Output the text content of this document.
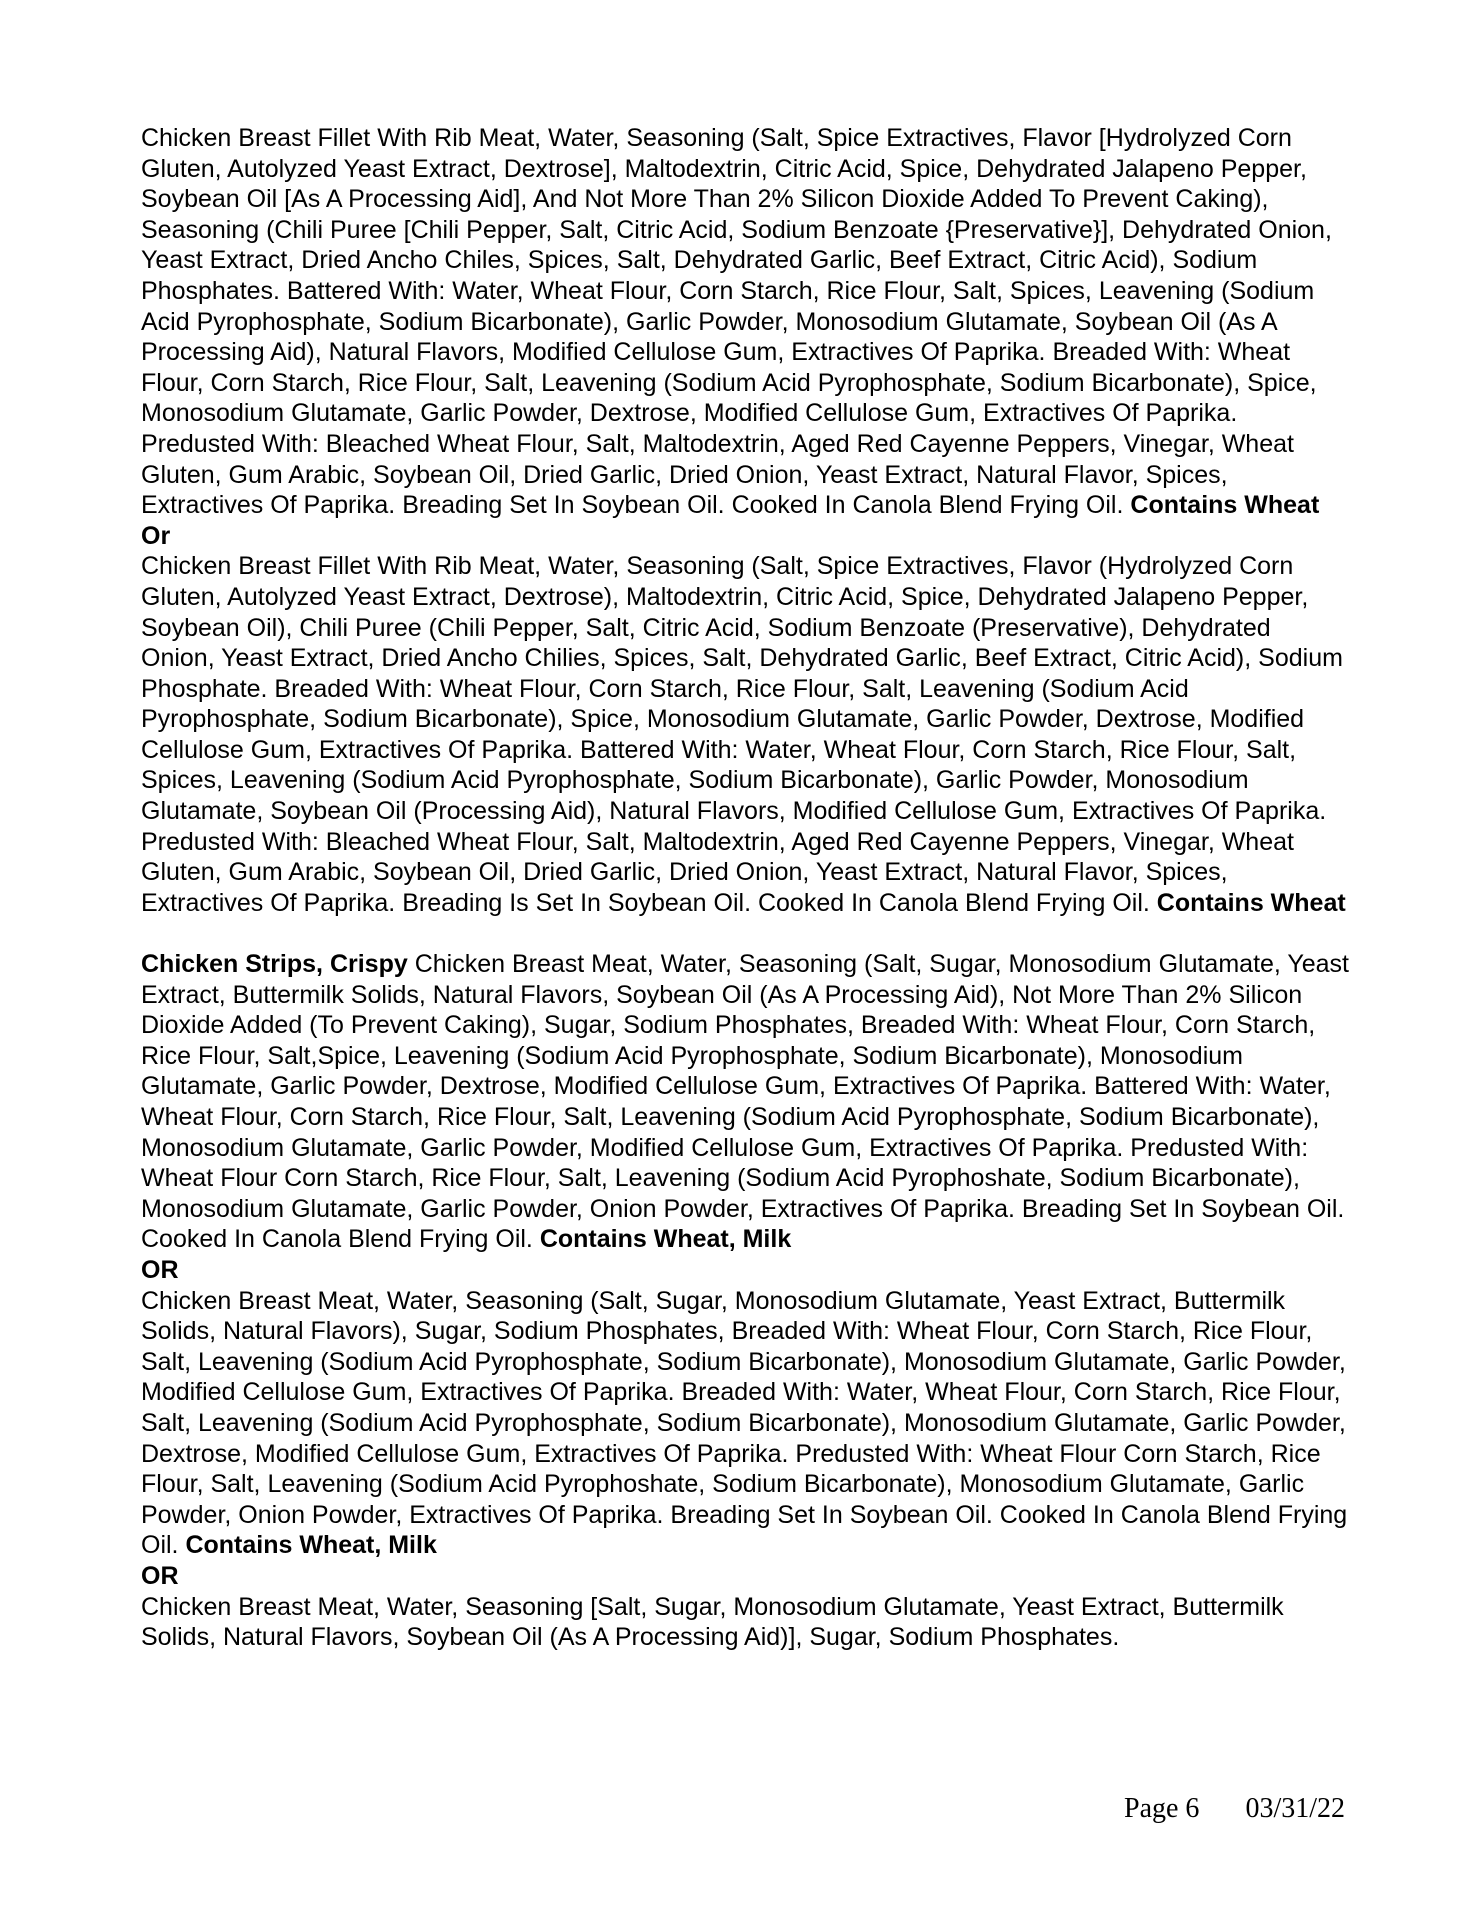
Chicken Breast Fillet With Rib Meat, Water, Seasoning (Salt, Spice Extractives, Flavor [Hydrolyzed Corn Gluten, Autolyzed Yeast Extract, Dextrose], Maltodextrin, Citric Acid, Spice, Dehydrated Jalapeno Pepper, Soybean Oil [As A Processing Aid], And Not More Than 2% Silicon Dioxide Added To Prevent Caking), Seasoning (Chili Puree [Chili Pepper, Salt, Citric Acid, Sodium Benzoate {Preservative}], Dehydrated Onion, Yeast Extract, Dried Ancho Chiles, Spices, Salt, Dehydrated Garlic, Beef Extract, Citric Acid), Sodium Phosphates. Battered With: Water, Wheat Flour, Corn Starch, Rice Flour, Salt, Spices, Leavening (Sodium Acid Pyrophosphate, Sodium Bicarbonate), Garlic Powder, Monosodium Glutamate, Soybean Oil (As A Processing Aid), Natural Flavors, Modified Cellulose Gum, Extractives Of Paprika. Breaded With: Wheat Flour, Corn Starch, Rice Flour, Salt, Leavening (Sodium Acid Pyrophosphate, Sodium Bicarbonate), Spice, Monosodium Glutamate, Garlic Powder, Dextrose, Modified Cellulose Gum, Extractives Of Paprika. Predusted With: Bleached Wheat Flour, Salt, Maltodextrin, Aged Red Cayenne Peppers, Vinegar, Wheat Gluten, Gum Arabic, Soybean Oil, Dried Garlic, Dried Onion, Yeast Extract, Natural Flavor, Spices, Extractives Of Paprika. Breading Set In Soybean Oil. Cooked In Canola Blend Frying Oil. Contains Wheat

Or

Chicken Breast Fillet With Rib Meat, Water, Seasoning (Salt, Spice Extractives, Flavor (Hydrolyzed Corn Gluten, Autolyzed Yeast Extract, Dextrose), Maltodextrin, Citric Acid, Spice, Dehydrated Jalapeno Pepper, Soybean Oil), Chili Puree (Chili Pepper, Salt, Citric Acid, Sodium Benzoate (Preservative), Dehydrated Onion, Yeast Extract, Dried Ancho Chilies, Spices, Salt, Dehydrated Garlic, Beef Extract, Citric Acid), Sodium Phosphate. Breaded With: Wheat Flour, Corn Starch, Rice Flour, Salt, Leavening (Sodium Acid Pyrophosphate, Sodium Bicarbonate), Spice, Monosodium Glutamate, Garlic Powder, Dextrose, Modified Cellulose Gum, Extractives Of Paprika. Battered With: Water, Wheat Flour, Corn Starch, Rice Flour, Salt, Spices, Leavening (Sodium Acid Pyrophosphate, Sodium Bicarbonate), Garlic Powder, Monosodium Glutamate, Soybean Oil (Processing Aid), Natural Flavors, Modified Cellulose Gum, Extractives Of Paprika. Predusted With: Bleached Wheat Flour, Salt, Maltodextrin, Aged Red Cayenne Peppers, Vinegar, Wheat Gluten, Gum Arabic, Soybean Oil, Dried Garlic, Dried Onion, Yeast Extract, Natural Flavor, Spices, Extractives Of Paprika. Breading Is Set In Soybean Oil. Cooked In Canola Blend Frying Oil. Contains Wheat

Chicken Strips, Crispy Chicken Breast Meat, Water, Seasoning (Salt, Sugar, Monosodium Glutamate, Yeast Extract, Buttermilk Solids, Natural Flavors, Soybean Oil (As A Processing Aid), Not More Than 2% Silicon Dioxide Added (To Prevent Caking), Sugar, Sodium Phosphates, Breaded With: Wheat Flour, Corn Starch, Rice Flour, Salt,Spice, Leavening (Sodium Acid Pyrophosphate, Sodium Bicarbonate), Monosodium Glutamate, Garlic Powder, Dextrose, Modified Cellulose Gum, Extractives Of Paprika. Battered With: Water, Wheat Flour, Corn Starch, Rice Flour, Salt, Leavening (Sodium Acid Pyrophosphate, Sodium Bicarbonate), Monosodium Glutamate, Garlic Powder, Modified Cellulose Gum, Extractives Of Paprika. Predusted With: Wheat Flour Corn Starch, Rice Flour, Salt, Leavening (Sodium Acid Pyrophoshate, Sodium Bicarbonate), Monosodium Glutamate, Garlic Powder, Onion Powder, Extractives Of Paprika. Breading Set In Soybean Oil. Cooked In Canola Blend Frying Oil. Contains Wheat, Milk

OR

Chicken Breast Meat, Water, Seasoning (Salt, Sugar, Monosodium Glutamate, Yeast Extract, Buttermilk Solids, Natural Flavors), Sugar, Sodium Phosphates, Breaded With: Wheat Flour, Corn Starch, Rice Flour, Salt, Leavening (Sodium Acid Pyrophosphate, Sodium Bicarbonate), Monosodium Glutamate, Garlic Powder, Modified Cellulose Gum, Extractives Of Paprika. Breaded With: Water, Wheat Flour, Corn Starch, Rice Flour, Salt, Leavening (Sodium Acid Pyrophosphate, Sodium Bicarbonate), Monosodium Glutamate, Garlic Powder, Dextrose, Modified Cellulose Gum, Extractives Of Paprika. Predusted With: Wheat Flour Corn Starch, Rice Flour, Salt, Leavening (Sodium Acid Pyrophoshate, Sodium Bicarbonate), Monosodium Glutamate, Garlic Powder, Onion Powder, Extractives Of Paprika. Breading Set In Soybean Oil. Cooked In Canola Blend Frying Oil. Contains Wheat, Milk

OR

Chicken Breast Meat, Water, Seasoning [Salt, Sugar, Monosodium Glutamate, Yeast Extract, Buttermilk Solids, Natural Flavors, Soybean Oil (As A Processing Aid)], Sugar, Sodium Phosphates.

Page 6 03/31/22
